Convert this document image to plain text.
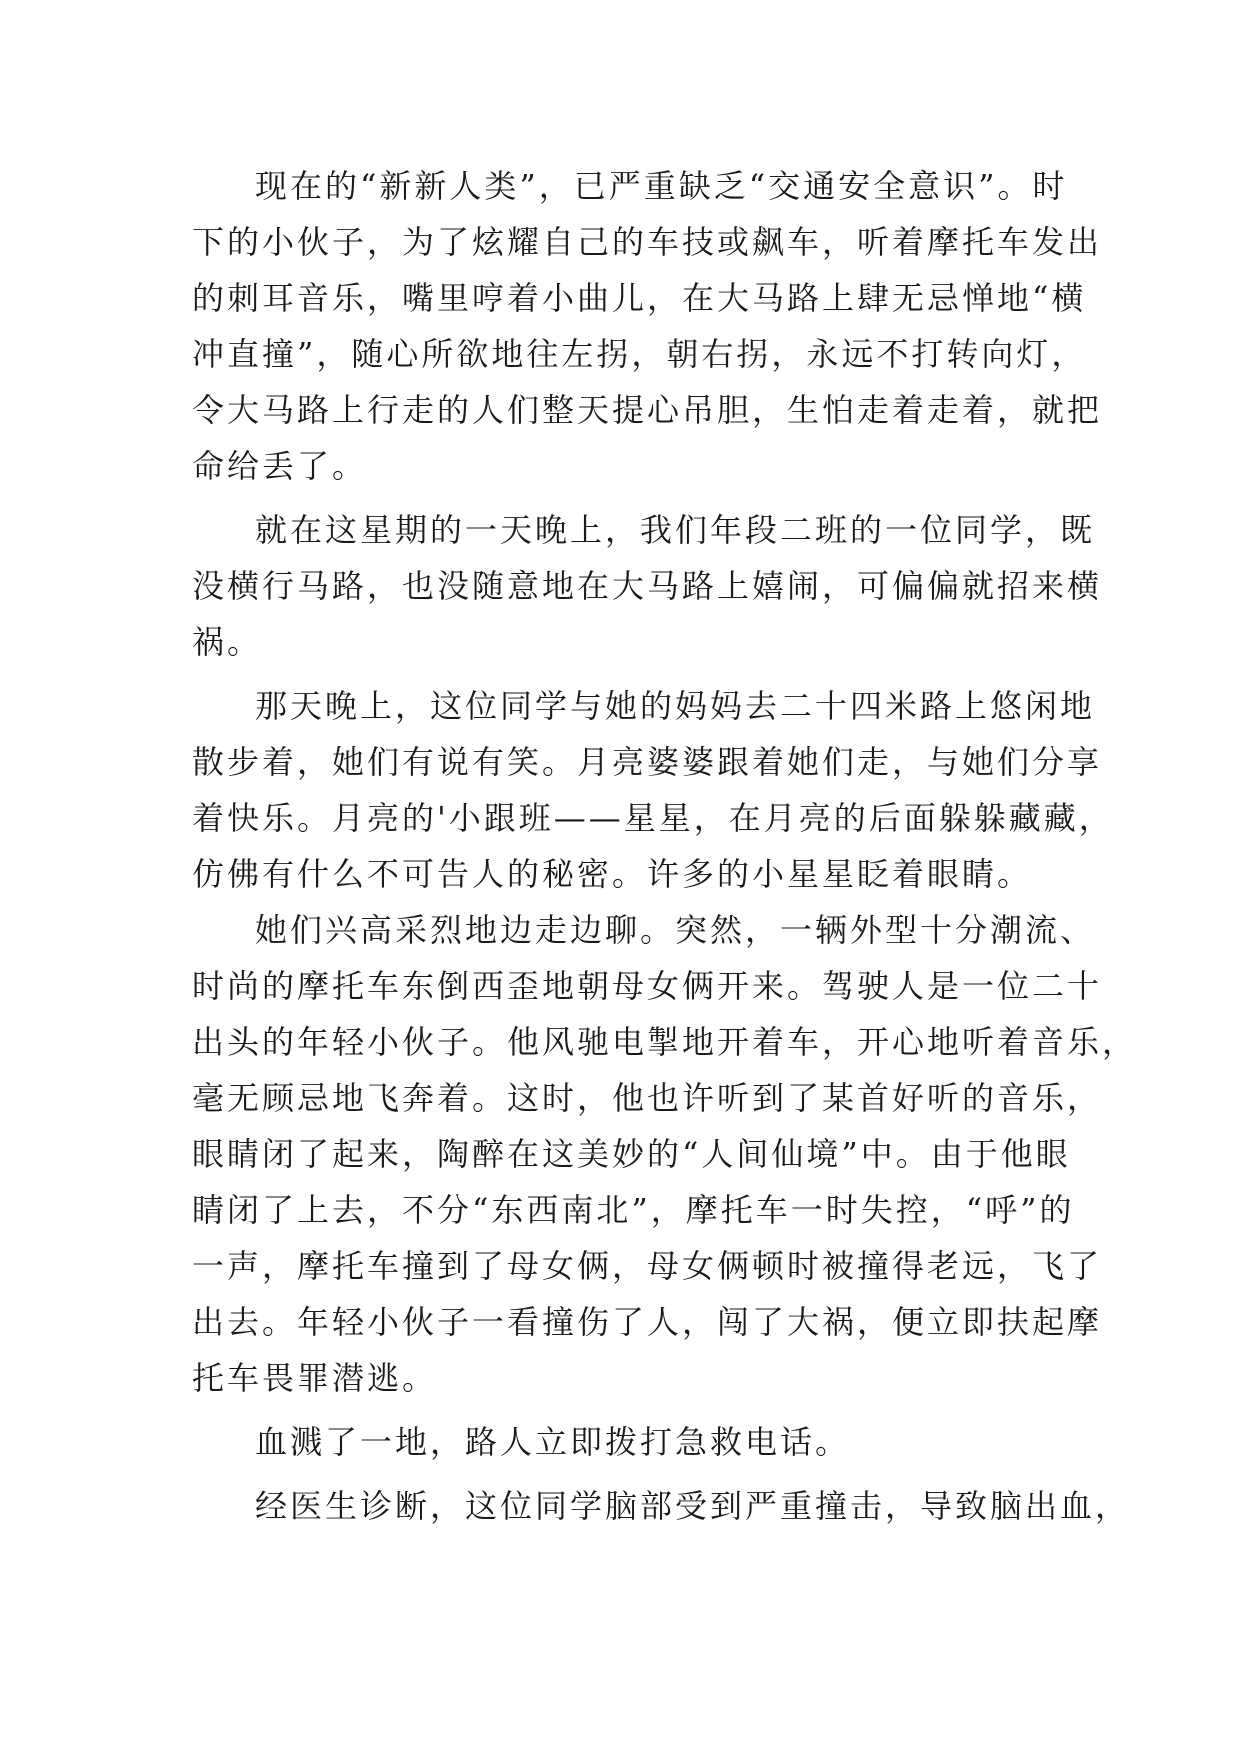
现在的“新新人类”，已严重缺乏“交通安全意识”。时
下的小伙子，为了炫耀自己的车技或飙车，听着摩托车发出
的刺耳音乐，嘴里哼着小曲儿，在大马路上肆无忌惮地“横
冲直撞”，随心所欲地往左拐，朝右拐，永远不打转向灯，
令大马路上行走的人们整天提心吊胆，生怕走着走着，就把
命给丢了。
就在这星期的一天晚上，我们年段二班的一位同学，既
没横行马路，也没随意地在大马路上嬉闹，可偏偏就招来横
祸。
那天晚上，这位同学与她的妈妈去二十四米路上悠闲地
散步着，她们有说有笑。月亮婆婆跟着她们走，与她们分享
着快乐。月亮的'小跟班——星星，在月亮的后面躲躲藏藏，
仿佛有什么不可告人的秘密。许多的小星星眨着眼睛。
她们兴高采烈地边走边聊。突然，一辆外型十分潮流、
时尚的摩托车东倒西歪地朝母女俩开来。驾驶人是一位二十
出头的年轻小伙子。他风驰电掣地开着车，开心地听着音乐，
毫无顾忌地飞奔着。这时，他也许听到了某首好听的音乐，
眼睛闭了起来，陶醉在这美妙的“人间仙境”中。由于他眼
睛闭了上去，不分“东西南北”，摩托车一时失控，“呼”的
一声，摩托车撞到了母女俩，母女俩顿时被撞得老远，飞了
出去。年轻小伙子一看撞伤了人，闯了大祸，便立即扶起摩
托车畏罪潜逃。
血溅了一地，路人立即拨打急救电话。
经医生诊断，这位同学脑部受到严重撞击，导致脑出血，
